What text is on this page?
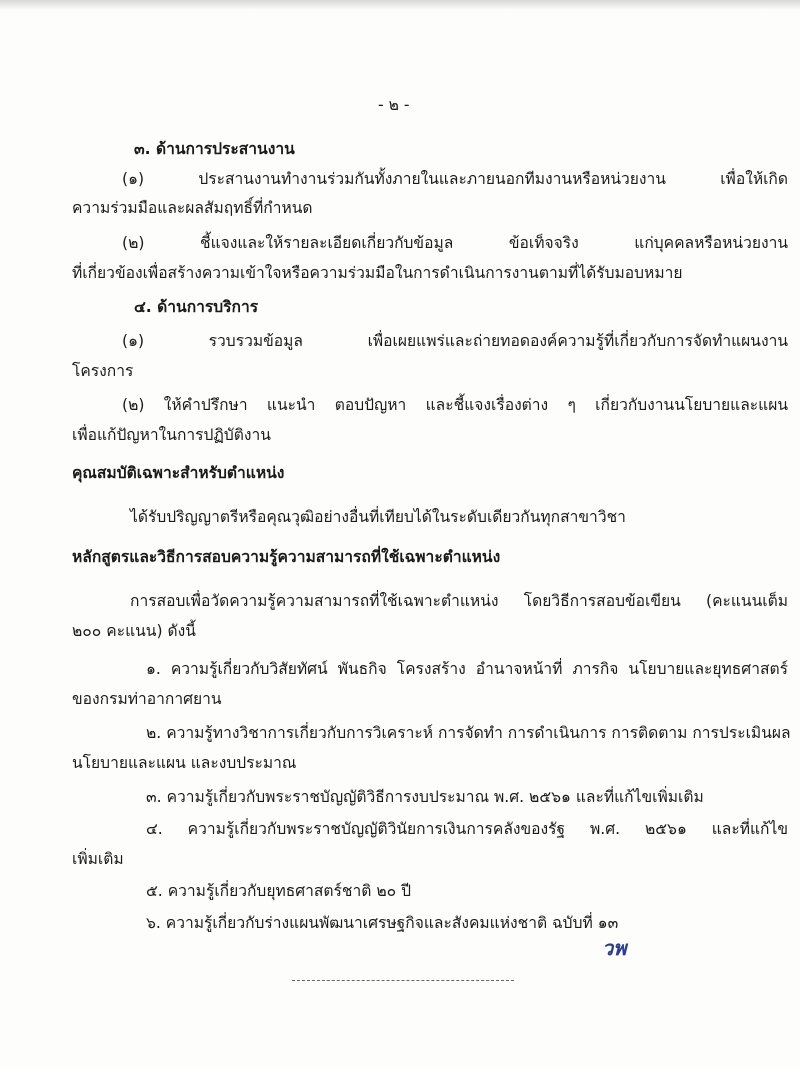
- ๒ -
๓. ด้านการประสานงาน
(๑) ประสานงานทำงานร่วมกันทั้งภายในและภายนอกทีมงานหรือหน่วยงาน เพื่อให้เกิด
ความร่วมมือและผลสัมฤทธิ์ที่กำหนด
(๒) ชี้แจงและให้รายละเอียดเกี่ยวกับข้อมูล ข้อเท็จจริง แก่บุคคลหรือหน่วยงาน
ที่เกี่ยวข้องเพื่อสร้างความเข้าใจหรือความร่วมมือในการดำเนินการงานตามที่ได้รับมอบหมาย
๔. ด้านการบริการ
(๑) รวบรวมข้อมูล เพื่อเผยแพร่และถ่ายทอดองค์ความรู้ที่เกี่ยวกับการจัดทำแผนงาน
โครงการ
(๒) ให้คำปรึกษา แนะนำ ตอบปัญหา และชี้แจงเรื่องต่าง ๆ เกี่ยวกับงานนโยบายและแผน
เพื่อแก้ปัญหาในการปฏิบัติงาน
คุณสมบัติเฉพาะสำหรับตำแหน่ง
ได้รับปริญญาตรีหรือคุณวุฒิอย่างอื่นที่เทียบได้ในระดับเดียวกันทุกสาขาวิชา
หลักสูตรและวิธีการสอบความรู้ความสามารถที่ใช้เฉพาะตำแหน่ง
การสอบเพื่อวัดความรู้ความสามารถที่ใช้เฉพาะตำแหน่ง โดยวิธีการสอบข้อเขียน (คะแนนเต็ม
๒๐๐ คะแนน) ดังนี้
๑. ความรู้เกี่ยวกับวิสัยทัศน์ พันธกิจ โครงสร้าง อำนาจหน้าที่ ภารกิจ นโยบายและยุทธศาสตร์
ของกรมท่าอากาศยาน
๒. ความรู้ทางวิชาการเกี่ยวกับการวิเคราะห์ การจัดทำ การดำเนินการ การติดตาม การประเมินผล
นโยบายและแผน และงบประมาณ
๓. ความรู้เกี่ยวกับพระราชบัญญัติวิธีการงบประมาณ พ.ศ. ๒๕๖๑ และที่แก้ไขเพิ่มเติม
๔. ความรู้เกี่ยวกับพระราชบัญญัติวินัยการเงินการคลังของรัฐ พ.ศ. ๒๕๖๑ และที่แก้ไข
เพิ่มเติม
๕. ความรู้เกี่ยวกับยุทธศาสตร์ชาติ ๒๐ ปี
๖. ความรู้เกี่ยวกับร่างแผนพัฒนาเศรษฐกิจและสังคมแห่งชาติ ฉบับที่ ๑๓
วพ
